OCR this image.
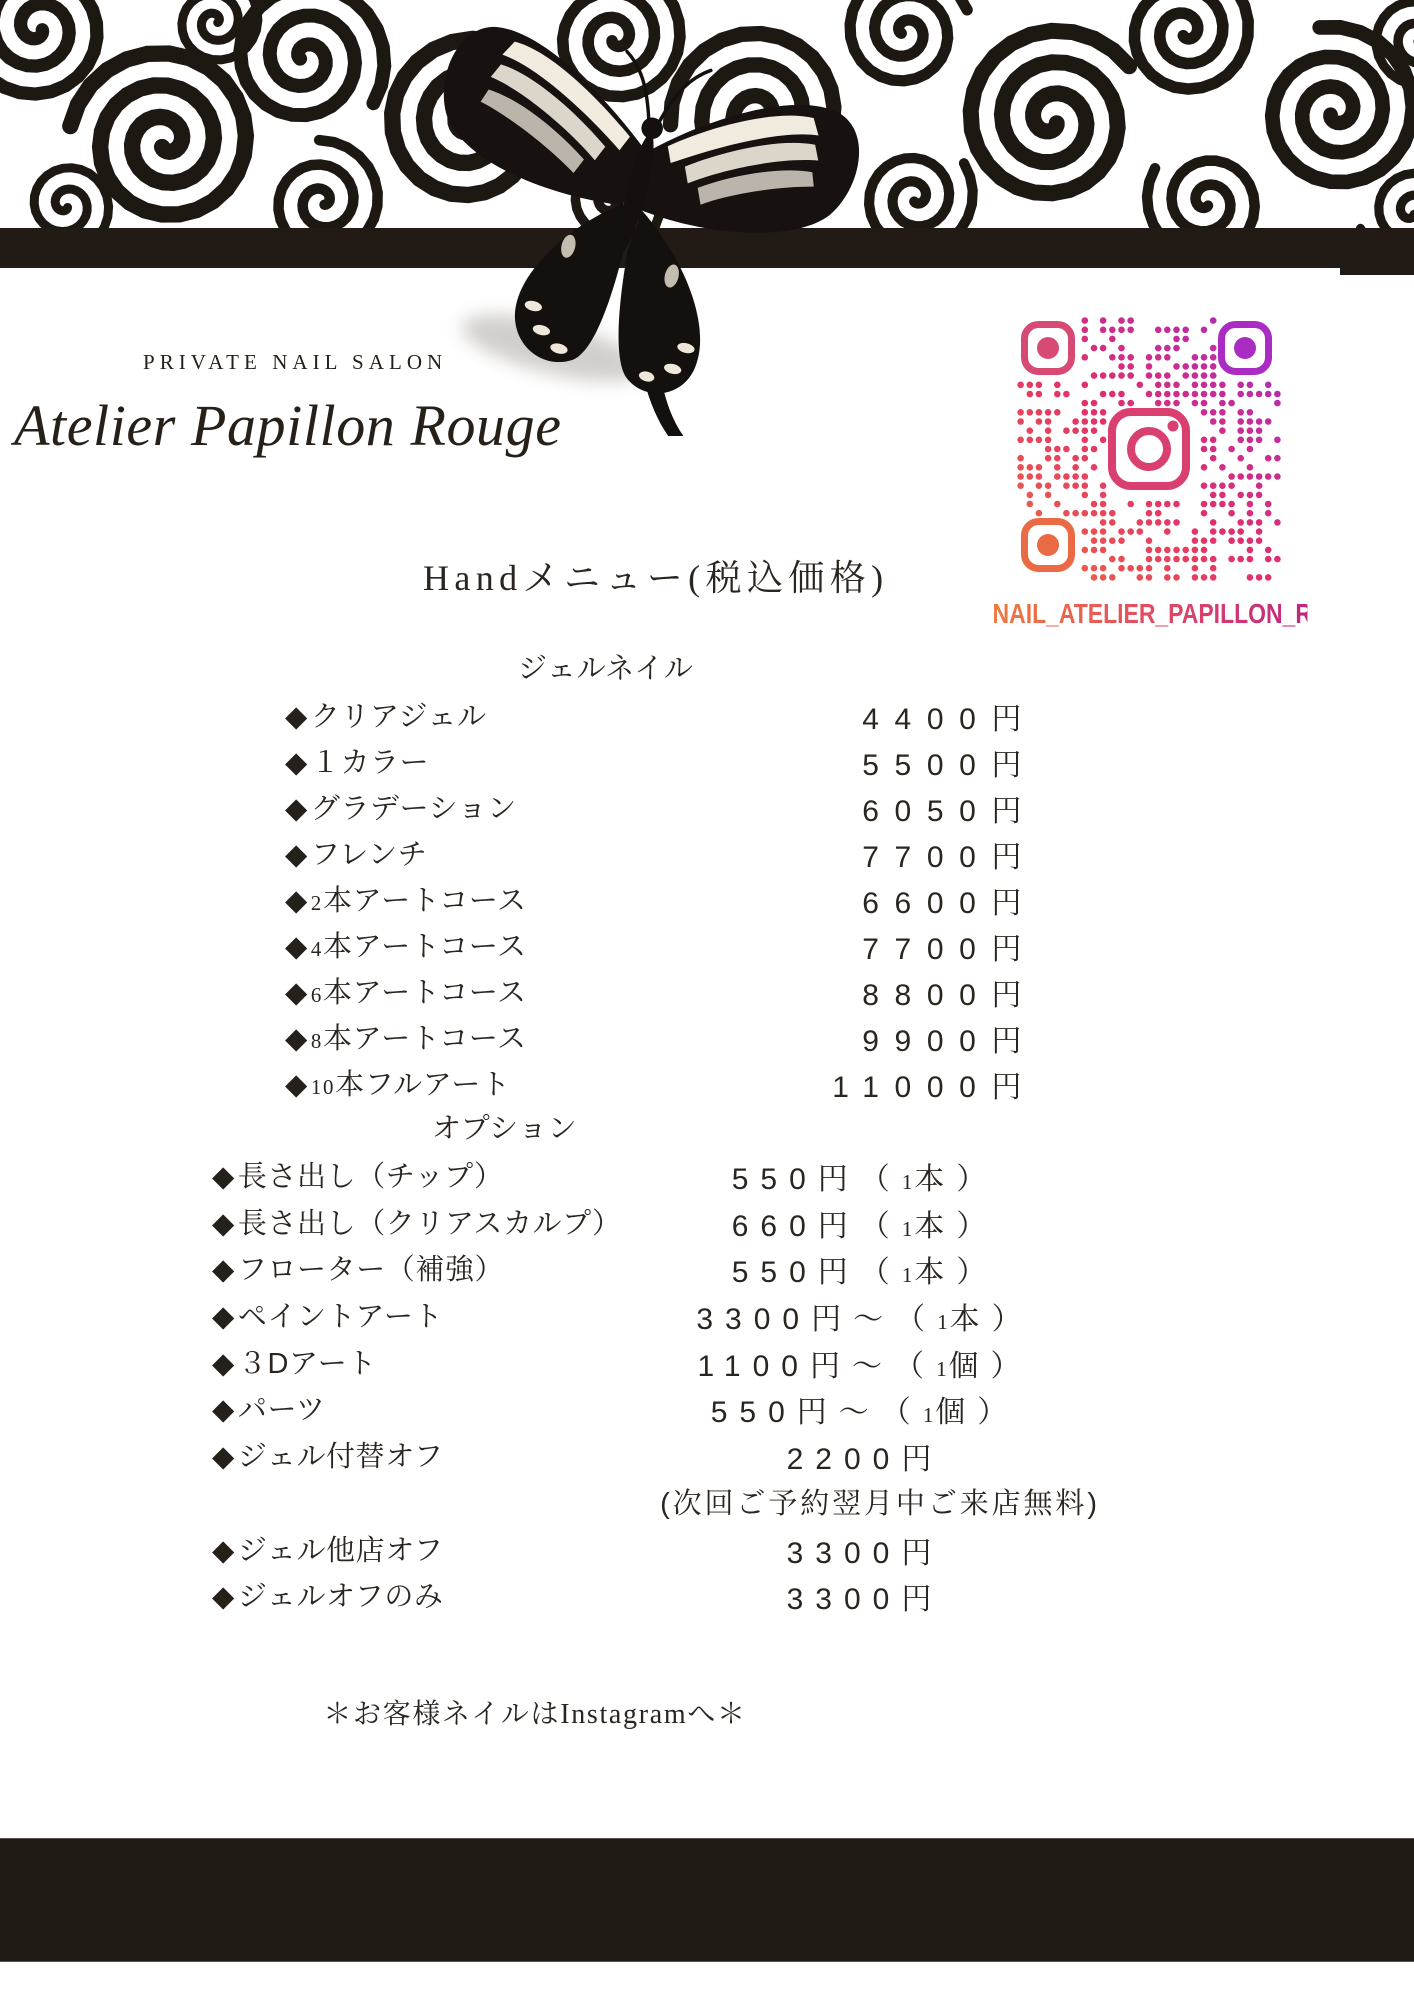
PRIVATE NAIL SALON
Atelier Papillon Rouge
NAIL_ATELIER_PAPILLON_ROUGE
Handメニュー(税込価格)
ジェルネイル
◆ クリアジェル	4400円
◆ １カラー	5500円
◆ グラデーション	6050円
◆ フレンチ	7700円
◆ 2本アートコース	6600円
◆ 4本アートコース	7700円
◆ 6本アートコース	8800円
◆ 8本アートコース	9900円
◆ 10本フルアート	11000円
オプション
◆ 長さ出し（チップ）	550円（1本）
◆ 長さ出し（クリアスカルプ）	660円（1本）
◆ フローター（補強）	550円（1本）
◆ ペイントアート	3300円～（1本）
◆ ３Dアート	1100円～（1個）
◆ パーツ	550円～（1個）
◆ ジェル付替オフ	2200円
(次回ご予約翌月中ご来店無料)
◆ ジェル他店オフ	3300円
◆ ジェルオフのみ	3300円
＊お客様ネイルはInstagramへ＊
